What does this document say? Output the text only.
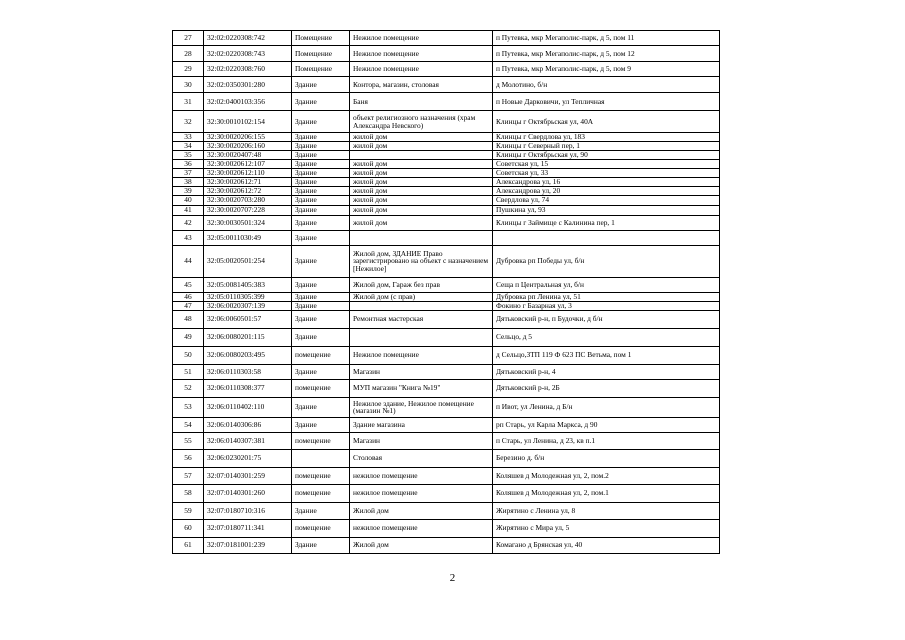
27	32:02:0220308:742	Помещение	Нежилое помещение	п Путевка, мкр Мегаполис-парк, д 5, пом 11
28	32:02:0220308:743	Помещение	Нежилое помещение	п Путевка, мкр Мегаполис-парк, д 5, пом 12
29	32:02:0220308:760	Помещение	Нежилое помещение	п Путевка, мкр Мегаполис-парк, д 5, пом 9
30	32:02:0350301:280	Здание	Контора, магазин, столовая	д Молотино, б/н
31	32:02:0400103:356	Здание	Баня	п Новые Дарковичи, ул Тепличная
32	32:30:0010102:154	Здание	объект религиозного назначения (храм Александра Невского)	Клинцы г Октябрьская ул, 40А
33	32:30:0020206:155	Здание	жилой дом	Клинцы г Свердлова ул, 183
34	32:30:0020206:160	Здание	жилой дом	Клинцы г Северный пер, 1
35	32:30:0020407:48	Здание		Клинцы г Октябрьская ул, 90
36	32:30:0020612:107	Здание	жилой дом	Советская ул, 15
37	32:30:0020612:110	Здание	жилой дом	Советская ул, 33
38	32:30:0020612:71	Здание	жилой дом	Александрова ул, 16
39	32:30:0020612:72	Здание	жилой дом	Александрова ул, 20
40	32:30:0020703:280	Здание	жилой дом	Свердлова ул, 74
41	32:30:0020707:228	Здание	жилой дом	Пушкина ул, 93
42	32:30:0030501:324	Здание	жилой дом	Клинцы г Займище с Калинина пер, 1
43	32:05:0011030:49	Здание		
44	32:05:0020501:254	Здание	Жилой дом, ЗДАНИЕ Право зарегистрировано на объект с назначением [Нежилое]	Дубровка рп Победы ул, б/н
45	32:05:0081405:383	Здание	Жилой дом, Гараж без прав	Сеща п Центральная ул, б/н
46	32:05:0110305:399	Здание	Жилой дом (с прав)	Дубровка рп Ленина ул, 51
47	32:06:0020307:139	Здание		Фокино г Базарная ул, 3
48	32:06:0060501:57	Здание	Ремонтная мастерская	Дятьковский р-н, п Будочки, д б/н
49	32:06:0080201:115	Здание		Сельцо, д 5
50	32:06:0080203:495	помещение	Нежилое помещение	д Сельцо,ЗТП 119 Ф 623 ПС Ветьма, пом 1
51	32:06:0110303:58	Здание	Магазин	Дятьковский р-н, 4
52	32:06:0110308:377	помещение	МУП магазин "Книга №19"	Дятьковский р-н, 2Б
53	32:06:0110402:110	Здание	Нежилое здание, Нежилое помещение (магазин №1)	п Ивот, ул Ленина, д Б/н
54	32:06:0140306:86	Здание	Здание магазина	рп Старь, ул Карла Маркса, д 90
55	32:06:0140307:381	помещение	Магазин	п Старь, ул Ленина, д 23, кв п.1
56	32:06:0230201:75		Столовая	Березино д. б/н
57	32:07:0140301:259	помещение	нежилое помещение	Коляшев д Молодежная ул, 2, пом.2
58	32:07:0140301:260	помещение	нежилое помещение	Коляшев д Молодежная ул, 2, пом.1
59	32:07:0180710:316	Здание	Жилой дом	Жирятино с Ленина ул, 8
60	32:07:0180711:341	помещение	нежилое помещение	Жирятино с Мира ул, 5
61	32:07:0181001:239	Здание	Жилой дом	Комагано д Брянская ул, 40
2
